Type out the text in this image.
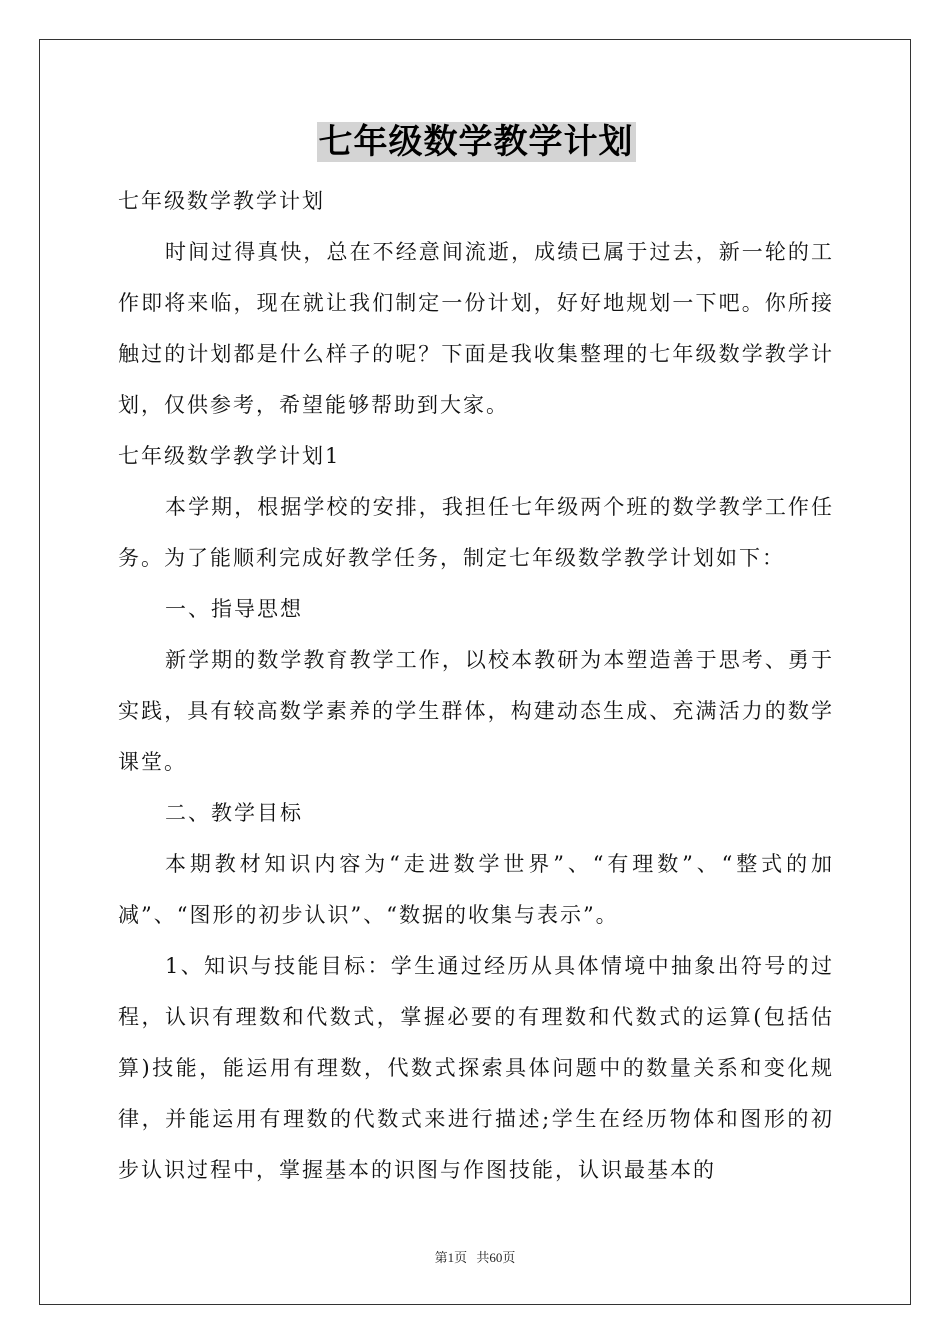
七年级数学教学计划

七年级数学教学计划

时间过得真快，总在不经意间流逝，成绩已属于过去，新一轮的工作即将来临，现在就让我们制定一份计划，好好地规划一下吧。你所接触过的计划都是什么样子的呢？下面是我收集整理的七年级数学教学计划，仅供参考，希望能够帮助到大家。

七年级数学教学计划1

本学期，根据学校的安排，我担任七年级两个班的数学教学工作任务。为了能顺利完成好教学任务，制定七年级数学教学计划如下：

一、指导思想

新学期的数学教育教学工作，以校本教研为本塑造善于思考、勇于实践，具有较高数学素养的学生群体，构建动态生成、充满活力的数学课堂。

二、教学目标

本期教材知识内容为“走进数学世界”、“有理数”、“整式的加减”、“图形的初步认识”、“数据的收集与表示”。

1、知识与技能目标：学生通过经历从具体情境中抽象出符号的过程，认识有理数和代数式，掌握必要的有理数和代数式的运算(包括估算)技能，能运用有理数，代数式探索具体问题中的数量关系和变化规律，并能运用有理数的代数式来进行描述;学生在经历物体和图形的初步认识过程中，掌握基本的识图与作图技能，认识最基本的

第1页 共60页
